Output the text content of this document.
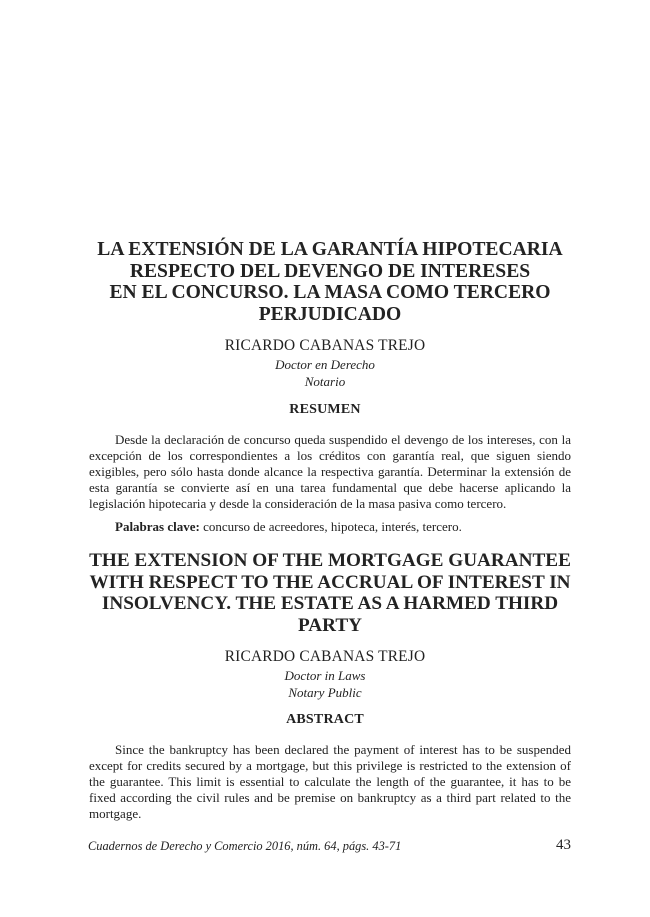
LA EXTENSIÓN DE LA GARANTÍA HIPOTECARIA
RESPECTO DEL DEVENGO DE INTERESES
EN EL CONCURSO. LA MASA COMO TERCERO
PERJUDICADO
RICARDO CABANAS TREJO
Doctor en Derecho
Notario
RESUMEN

Desde la declaración de concurso queda suspendido el devengo de los intereses, con la excepción de los correspondientes a los créditos con garantía real, que siguen siendo exigibles, pero sólo hasta donde alcance la respectiva garantía. Determinar la extensión de esta garantía se convierte así en una tarea fundamental que debe hacerse aplicando la legislación hipotecaria y desde la consideración de la masa pasiva como tercero.

Palabras clave: concurso de acreedores, hipoteca, interés, tercero.
THE EXTENSION OF THE MORTGAGE GUARANTEE
WITH RESPECT TO THE ACCRUAL OF INTEREST IN
INSOLVENCY. THE ESTATE AS A HARMED THIRD
PARTY
RICARDO CABANAS TREJO
Doctor in Laws
Notary Public
ABSTRACT

Since the bankruptcy has been declared the payment of interest has to be suspended except for credits secured by a mortgage, but this privilege is restricted to the extension of the guarantee. This limit is essential to calculate the length of the guarantee, it has to be fixed according the civil rules and be premise on bankruptcy as a third part related to the mortgage.

Cuadernos de Derecho y Comercio 2016, núm. 64, págs. 43-71	43
